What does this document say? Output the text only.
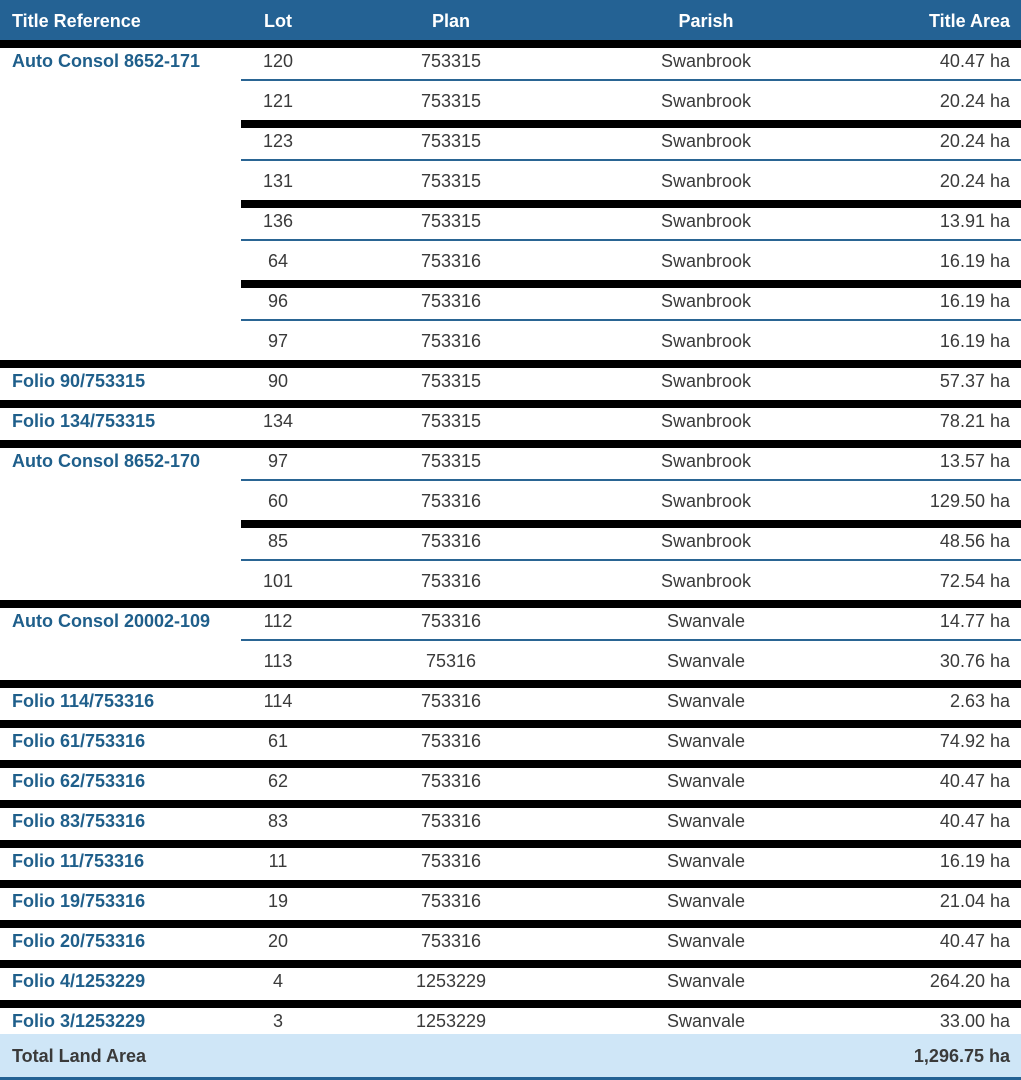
Title Reference	Lot	Plan	Parish	Title Area
Auto Consol 8652-171	120	753315	Swanbrook	40.47 ha
121	753315	Swanbrook	20.24 ha
123	753315	Swanbrook	20.24 ha
131	753315	Swanbrook	20.24 ha
136	753315	Swanbrook	13.91 ha
64	753316	Swanbrook	16.19 ha
96	753316	Swanbrook	16.19 ha
97	753316	Swanbrook	16.19 ha
Folio 90/753315	90	753315	Swanbrook	57.37 ha
Folio 134/753315	134	753315	Swanbrook	78.21 ha
Auto Consol 8652-170	97	753315	Swanbrook	13.57 ha
60	753316	Swanbrook	129.50 ha
85	753316	Swanbrook	48.56 ha
101	753316	Swanbrook	72.54 ha
Auto Consol 20002-109	112	753316	Swanvale	14.77 ha
113	75316	Swanvale	30.76 ha
Folio 114/753316	114	753316	Swanvale	2.63 ha
Folio 61/753316	61	753316	Swanvale	74.92 ha
Folio 62/753316	62	753316	Swanvale	40.47 ha
Folio 83/753316	83	753316	Swanvale	40.47 ha
Folio 11/753316	11	753316	Swanvale	16.19 ha
Folio 19/753316	19	753316	Swanvale	21.04 ha
Folio 20/753316	20	753316	Swanvale	40.47 ha
Folio 4/1253229	4	1253229	Swanvale	264.20 ha
Folio 3/1253229	3	1253229	Swanvale	33.00 ha
Total Land Area	1,296.75 ha
